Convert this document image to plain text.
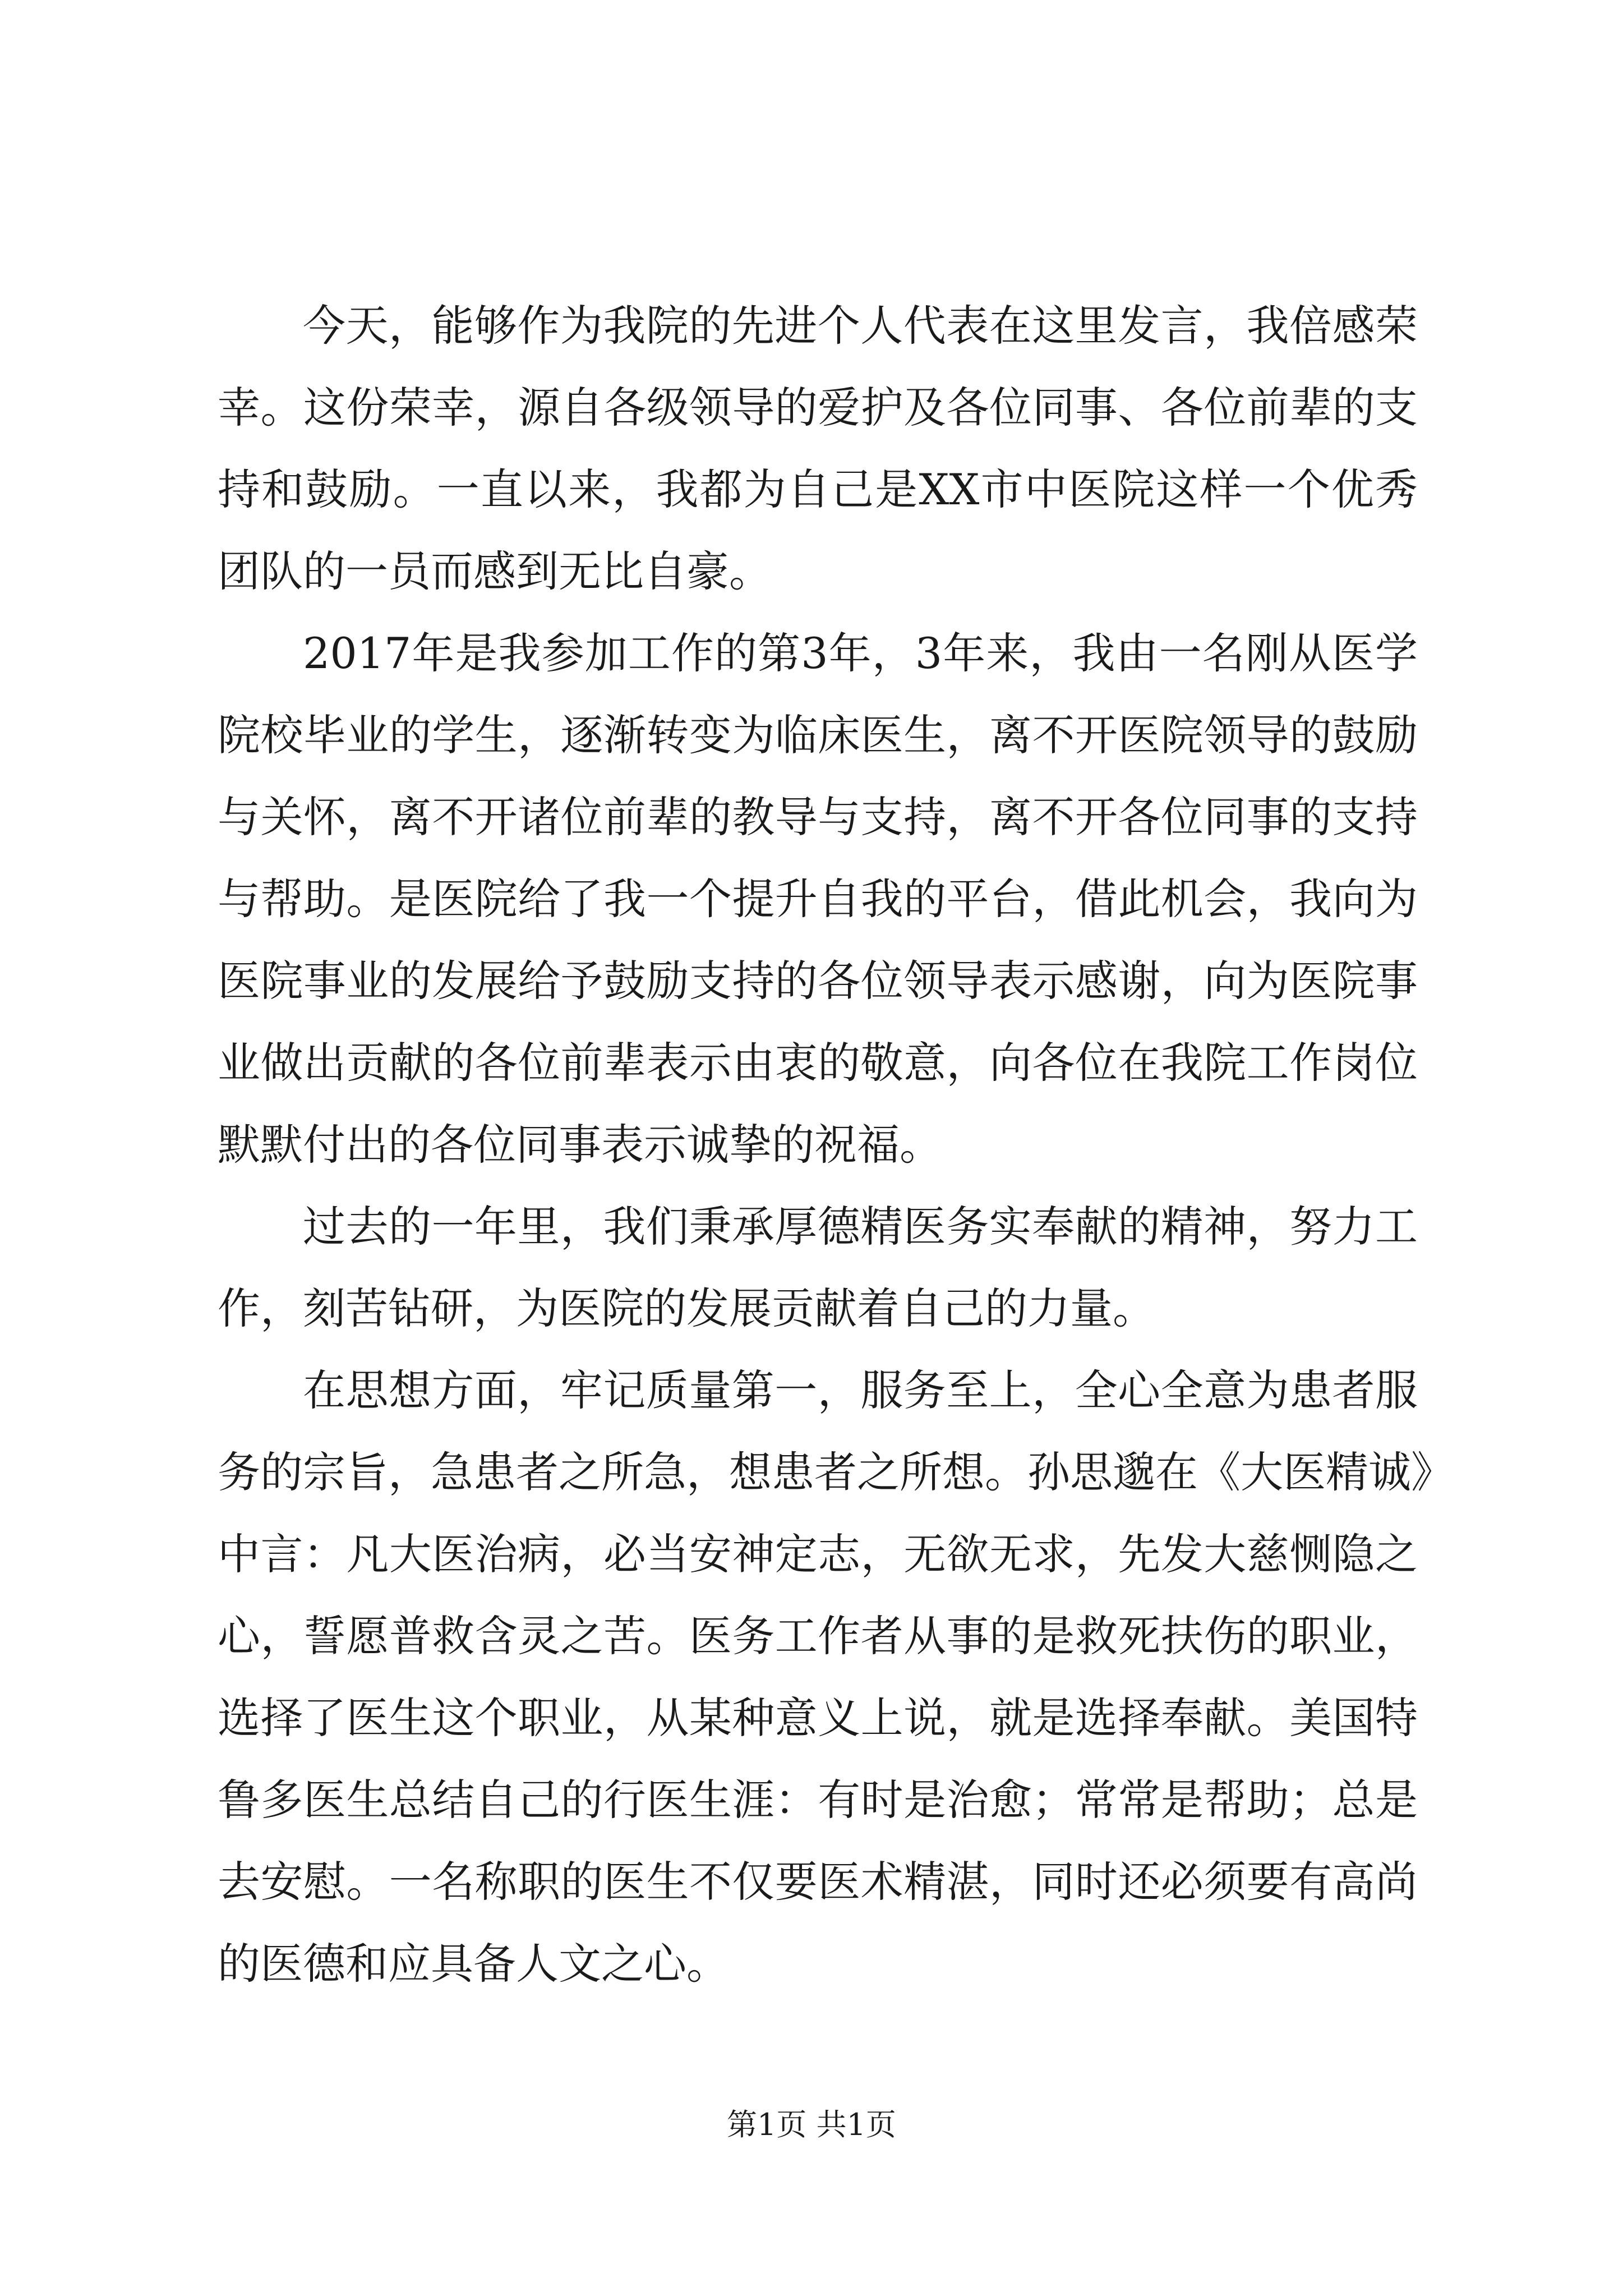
今天，能够作为我院的先进个人代表在这里发言，我倍感荣
幸。这份荣幸，源自各级领导的爱护及各位同事、各位前辈的支
持和鼓励。一直以来，我都为自己是XX市中医院这样一个优秀
团队的一员而感到无比自豪。
2017年是我参加工作的第3年，3年来，我由一名刚从医学
院校毕业的学生，逐渐转变为临床医生，离不开医院领导的鼓励
与关怀，离不开诸位前辈的教导与支持，离不开各位同事的支持
与帮助。是医院给了我一个提升自我的平台，借此机会，我向为
医院事业的发展给予鼓励支持的各位领导表示感谢，向为医院事
业做出贡献的各位前辈表示由衷的敬意，向各位在我院工作岗位
默默付出的各位同事表示诚挚的祝福。
过去的一年里，我们秉承厚德精医务实奉献的精神，努力工
作，刻苦钻研，为医院的发展贡献着自己的力量。
在思想方面，牢记质量第一，服务至上，全心全意为患者服
务的宗旨，急患者之所急，想患者之所想。孙思邈在《大医精诚》
中言：凡大医治病，必当安神定志，无欲无求，先发大慈恻隐之
心，誓愿普救含灵之苦。医务工作者从事的是救死扶伤的职业，
选择了医生这个职业，从某种意义上说，就是选择奉献。美国特
鲁多医生总结自己的行医生涯：有时是治愈；常常是帮助；总是
去安慰。一名称职的医生不仅要医术精湛，同时还必须要有高尚
的医德和应具备人文之心。
第1页 共1页
